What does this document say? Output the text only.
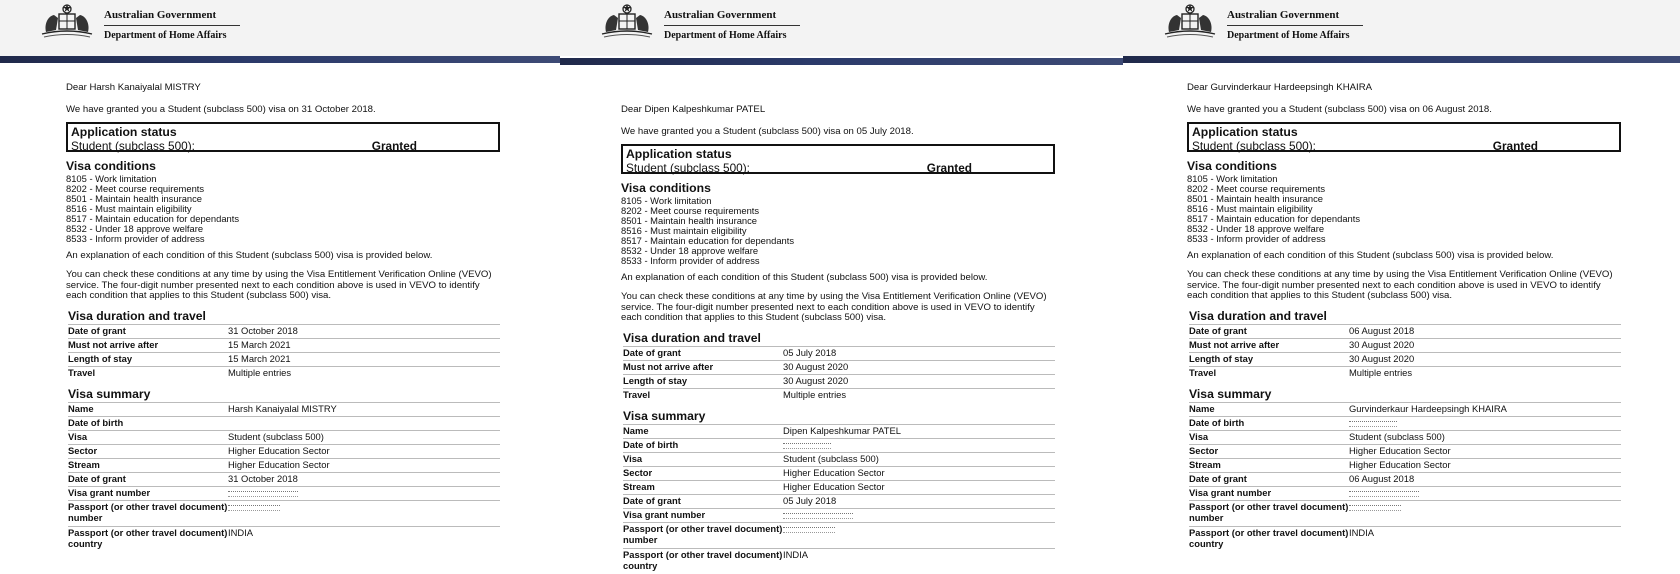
Australian Government
Department of Home Affairs
Dear Harsh Kanaiyalal MISTRY
We have granted you a Student (subclass 500) visa on 31 October 2018.
Application status
Student (subclass 500):	Granted
Visa conditions
8105 - Work limitation
8202 - Meet course requirements
8501 - Maintain health insurance
8516 - Must maintain eligibility
8517 - Maintain education for dependants
8532 - Under 18 approve welfare
8533 - Inform provider of address
An explanation of each condition of this Student (subclass 500) visa is provided below.
You can check these conditions at any time by using the Visa Entitlement Verification Online (VEVO) service. The four-digit number presented next to each condition above is used in VEVO to identify each condition that applies to this Student (subclass 500) visa.
Visa duration and travel
Date of grant	31 October 2018
Must not arrive after	15 March 2021
Length of stay	15 March 2021
Travel	Multiple entries
Visa summary
Name	Harsh Kanaiyalal MISTRY
Date of birth	
Visa	Student (subclass 500)
Sector	Higher Education Sector
Stream	Higher Education Sector
Date of grant	31 October 2018
Visa grant number	
Passport (or other travel document) number	
Passport (or other travel document) country	INDIA
Australian Government
Department of Home Affairs
Dear Dipen Kalpeshkumar PATEL
We have granted you a Student (subclass 500) visa on 05 July 2018.
Application status
Student (subclass 500):	Granted
Visa conditions
8105 - Work limitation
8202 - Meet course requirements
8501 - Maintain health insurance
8516 - Must maintain eligibility
8517 - Maintain education for dependants
8532 - Under 18 approve welfare
8533 - Inform provider of address
An explanation of each condition of this Student (subclass 500) visa is provided below.
You can check these conditions at any time by using the Visa Entitlement Verification Online (VEVO) service. The four-digit number presented next to each condition above is used in VEVO to identify each condition that applies to this Student (subclass 500) visa.
Visa duration and travel
Date of grant	05 July 2018
Must not arrive after	30 August 2020
Length of stay	30 August 2020
Travel	Multiple entries
Visa summary
Name	Dipen Kalpeshkumar PATEL
Date of birth	
Visa	Student (subclass 500)
Sector	Higher Education Sector
Stream	Higher Education Sector
Date of grant	05 July 2018
Visa grant number	
Passport (or other travel document) number	
Passport (or other travel document) country	INDIA
Australian Government
Department of Home Affairs
Dear Gurvinderkaur Hardeepsingh KHAIRA
We have granted you a Student (subclass 500) visa on 06 August 2018.
Application status
Student (subclass 500):	Granted
Visa conditions
8105 - Work limitation
8202 - Meet course requirements
8501 - Maintain health insurance
8516 - Must maintain eligibility
8517 - Maintain education for dependants
8532 - Under 18 approve welfare
8533 - Inform provider of address
An explanation of each condition of this Student (subclass 500) visa is provided below.
You can check these conditions at any time by using the Visa Entitlement Verification Online (VEVO) service. The four-digit number presented next to each condition above is used in VEVO to identify each condition that applies to this Student (subclass 500) visa.
Visa duration and travel
Date of grant	06 August 2018
Must not arrive after	30 August 2020
Length of stay	30 August 2020
Travel	Multiple entries
Visa summary
Name	Gurvinderkaur Hardeepsingh KHAIRA
Date of birth	
Visa	Student (subclass 500)
Sector	Higher Education Sector
Stream	Higher Education Sector
Date of grant	06 August 2018
Visa grant number	
Passport (or other travel document) number	
Passport (or other travel document) country	INDIA
